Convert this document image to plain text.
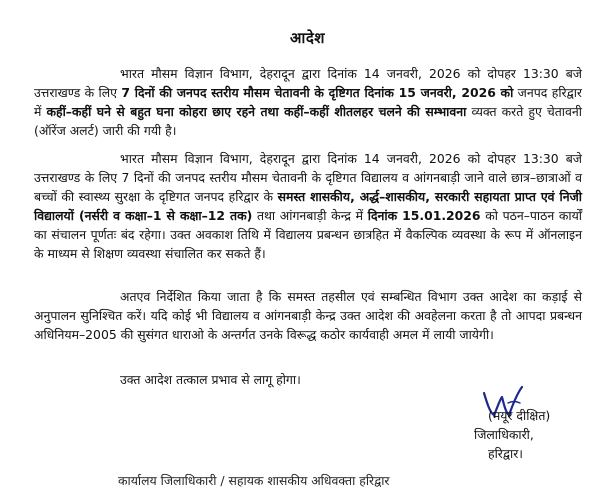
आदेश

भारत मौसम विज्ञान विभाग, देहरादून द्वारा दिनांक 14 जनवरी, 2026 को दोपहर 13:30 बजे उत्तराखण्ड के लिए 7 दिनों की जनपद स्तरीय मौसम चेतावनी के दृष्टिगत दिनांक 15 जनवरी, 2026 को जनपद हरिद्वार में कहीं–कहीं घने से बहुत घना कोहरा छाए रहने तथा कहीं–कहीं शीतलहर चलने की सम्भावना व्यक्त करते हुए चेतावनी (ऑरेंज अलर्ट) जारी की गयी है।

भारत मौसम विज्ञान विभाग, देहरादून द्वारा दिनांक 14 जनवरी, 2026 को दोपहर 13:30 बजे उत्तराखण्ड के लिए 7 दिनों की जनपद स्तरीय मौसम चेतावनी के दृष्टिगत विद्यालय व आंगनबाड़ी जाने वाले छात्र–छात्राओं व बच्चों की स्वास्थ्य सुरक्षा के दृष्टिगत जनपद हरिद्वार के समस्त शासकीय, अर्द्ध–शासकीय, सरकारी सहायता प्राप्त एवं निजी विद्यालयों (नर्सरी व कक्षा–1 से कक्षा–12 तक) तथा आंगनबाड़ी केन्द्र में दिनांक 15.01.2026 को पठन–पाठन कार्यों का संचालन पूर्णतः बंद रहेगा। उक्त अवकाश तिथि में विद्यालय प्रबन्धन छात्रहित में वैकल्पिक व्यवस्था के रूप में ऑनलाइन के माध्यम से शिक्षण व्यवस्था संचालित कर सकते हैं।

अतएव निर्देशित किया जाता है कि समस्त तहसील एवं सम्बन्धित विभाग उक्त आदेश का कड़ाई से अनुपालन सुनिश्चित करें। यदि कोई भी विद्यालय व आंगनबाड़ी केन्द्र उक्त आदेश की अवहेलना करता है तो आपदा प्रबन्धन अधिनियम–2005 की सुसंगत धाराओ के अन्तर्गत उनके विरूद्ध कठोर कार्यवाही अमल में लायी जायेगी।

उक्त आदेश तत्काल प्रभाव से लागू होगा।

(मयूर दीक्षित)
जिलाधिकारी,
हरिद्वार।
कार्यालय जिलाधिकारी / सहायक शासकीय अधिवक्ता हरिद्वार
